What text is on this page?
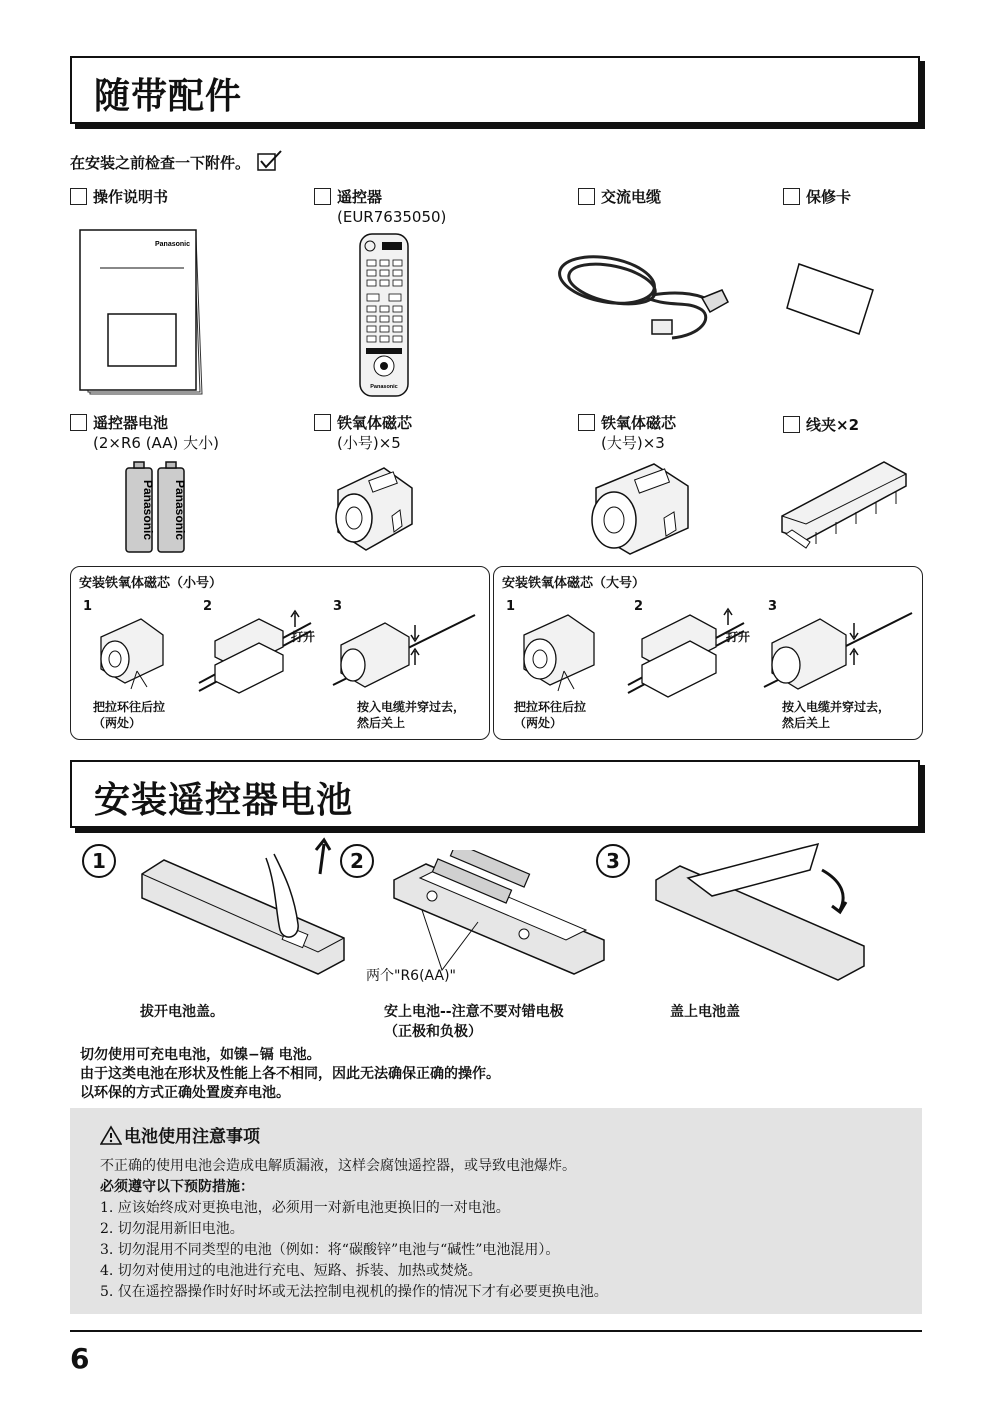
随带配件
在安装之前检查一下附件。
操作说明书	遥控器
(EUR7635050)
交流电缆	保修卡
Panasonic
Panasonic
遥控器电池
(2×R6 (AA) 大小)
铁氧体磁芯
(小号)×5
铁氧体磁芯
(大号)×3
线夹×2
Panasonic Panasonic
安装铁氧体磁芯（小号）
1	2	3
打开
把拉环往后拉
（两处）
按入电缆并穿过去，
然后关上
安装铁氧体磁芯（大号）
1	2	3
打开
把拉环往后拉
（两处）
按入电缆并穿过去，
然后关上
安装遥控器电池
1	2	3
两个"R6(AA)"
拔开电池盖。	安上电池--注意不要对错电极
（正极和负极）
盖上电池盖
切勿使用可充电电池，如镍−镉 电池。
由于这类电池在形状及性能上各不相同，因此无法确保正确的操作。
以环保的方式正确处置废弃电池。
电池使用注意事项
不正确的使用电池会造成电解质漏液，这样会腐蚀遥控器，或导致电池爆炸。
必须遵守以下预防措施：
1. 应该始终成对更换电池，必须用一对新电池更换旧的一对电池。
2. 切勿混用新旧电池。
3. 切勿混用不同类型的电池（例如：将“碳酸锌”电池与“碱性”电池混用）。
4. 切勿对使用过的电池进行充电、短路、拆装、加热或焚烧。
5. 仅在遥控器操作时好时坏或无法控制电视机的操作的情况下才有必要更换电池。
6
